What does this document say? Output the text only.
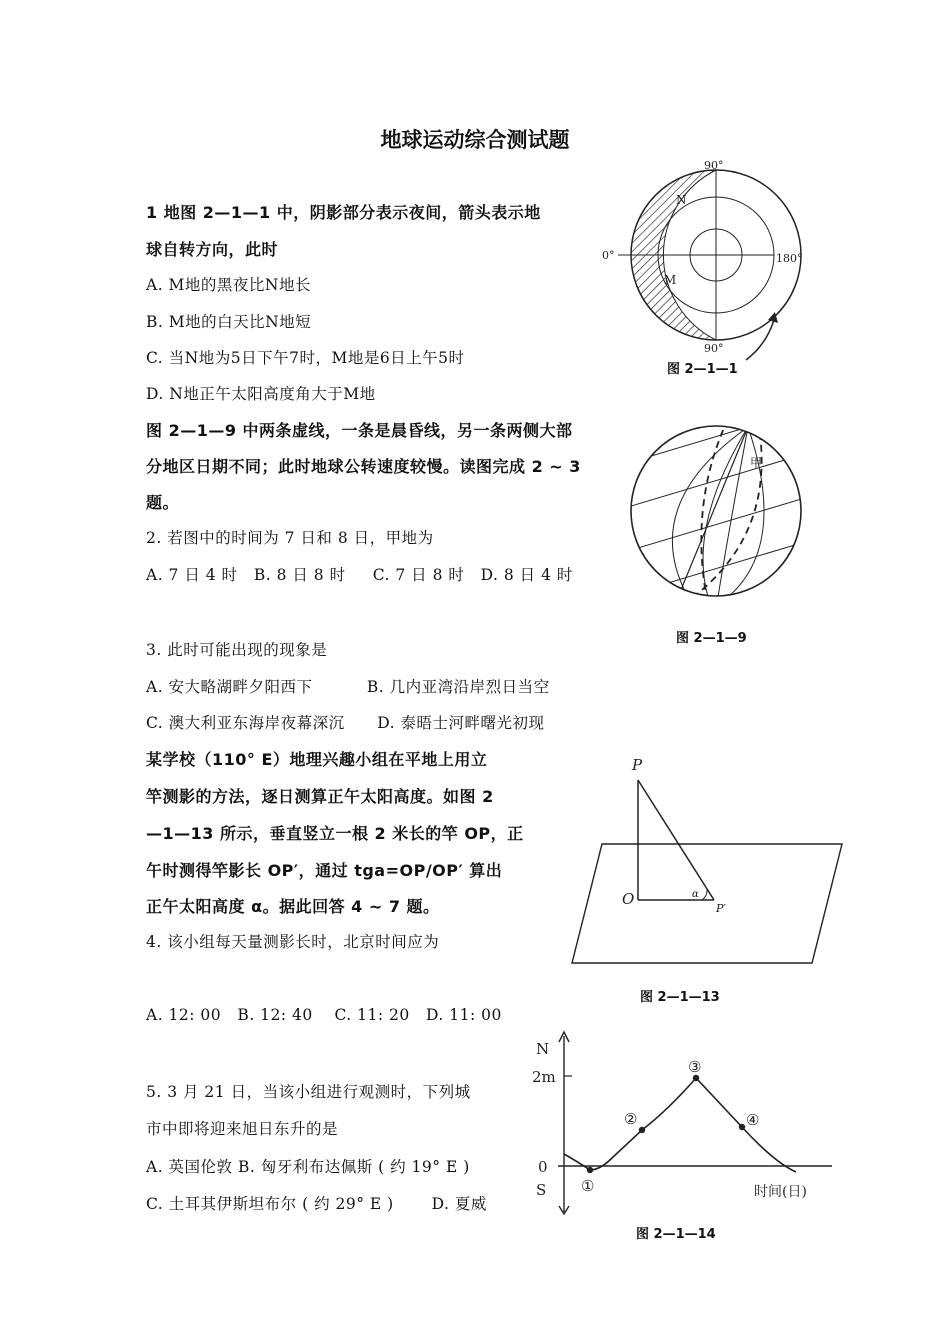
地球运动综合测试题
1 地图 2—1—1 中，阴影部分表示夜间，箭头表示地
球自转方向，此时
A. M地的黑夜比N地长
B. M地的白天比N地短
C. 当N地为5日下午7时，M地是6日上午5时
D. N地正午太阳高度角大于M地
90°
90°
0°	180°
N
M
图 2—1—1
图 2—1—9 中两条虚线，一条是晨昏线，另一条两侧大部
分地区日期不同；此时地球公转速度较慢。读图完成 2 ~ 3
题。
甲
图 2—1—9
2. 若图中的时间为 7 日和 8 日，甲地为
A. 7 日 4 时   B. 8 日 8 时     C. 7 日 8 时   D. 8 日 4 时
3. 此时可能出现的现象是
A. 安大略湖畔夕阳西下          B. 几内亚湾沿岸烈日当空
C. 澳大利亚东海岸夜幕深沉      D. 泰晤士河畔曙光初现
某学校（110° E）地理兴趣小组在平地上用立
竿测影的方法，逐日测算正午太阳高度。如图 2
—1—13 所示，垂直竖立一根 2 米长的竿 OP，正
午时测得竿影长 OP′，通过 tga=OP/OP′ 算出
正午太阳高度 α。据此回答 4 ~ 7 题。
P
O
P′
α
图 2—1—13
4. 该小组每天量测影长时，北京时间应为
A. 12: 00   B. 12: 40    C. 11: 20   D. 11: 00
N
2m
0
S	时间(日)
①
②
③
④
图 2—1—14
5. 3 月 21 日，当该小组进行观测时，下列城
市中即将迎来旭日东升的是
A. 英国伦敦 B. 匈牙利布达佩斯 ( 约 19° E )
C. 土耳其伊斯坦布尔 ( 约 29° E )       D. 夏威
